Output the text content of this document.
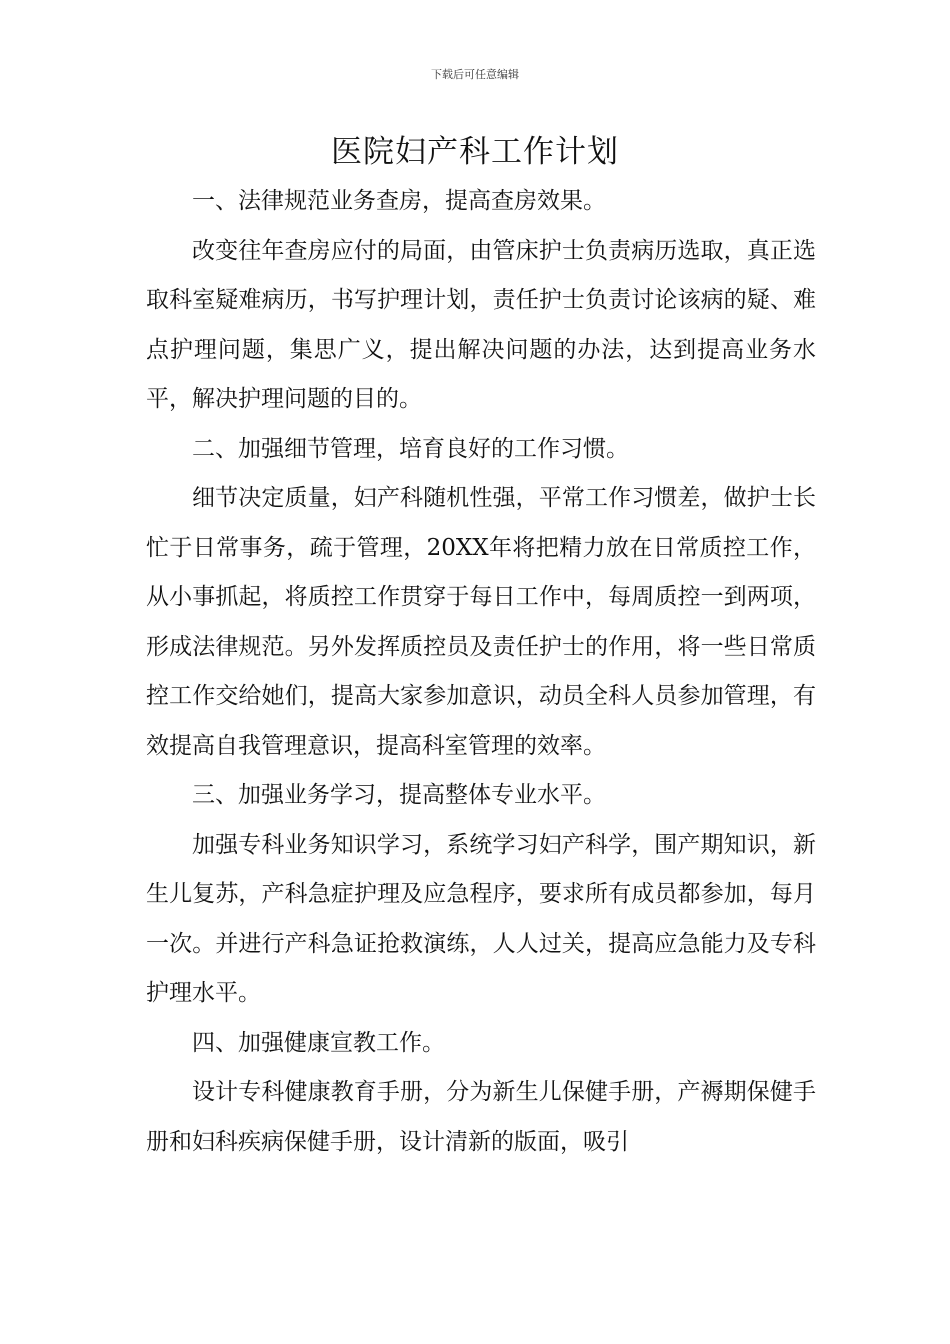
下载后可任意编辑
医院妇产科工作计划

一、法律规范业务查房，提高查房效果。

改变往年查房应付的局面，由管床护士负责病历选取，真正选取科室疑难病历，书写护理计划，责任护士负责讨论该病的疑、难点护理问题，集思广义，提出解决问题的办法，达到提高业务水平，解决护理问题的目的。

二、加强细节管理，培育良好的工作习惯。

细节决定质量，妇产科随机性强，平常工作习惯差，做护士长忙于日常事务，疏于管理，20XX年将把精力放在日常质控工作，从小事抓起，将质控工作贯穿于每日工作中，每周质控一到两项，形成法律规范。另外发挥质控员及责任护士的作用，将一些日常质控工作交给她们，提高大家参加意识，动员全科人员参加管理，有效提高自我管理意识，提高科室管理的效率。

三、加强业务学习，提高整体专业水平。

加强专科业务知识学习，系统学习妇产科学，围产期知识，新生儿复苏，产科急症护理及应急程序，要求所有成员都参加，每月一次。并进行产科急证抢救演练，人人过关，提高应急能力及专科护理水平。

四、加强健康宣教工作。

设计专科健康教育手册，分为新生儿保健手册，产褥期保健手册和妇科疾病保健手册，设计清新的版面，吸引
